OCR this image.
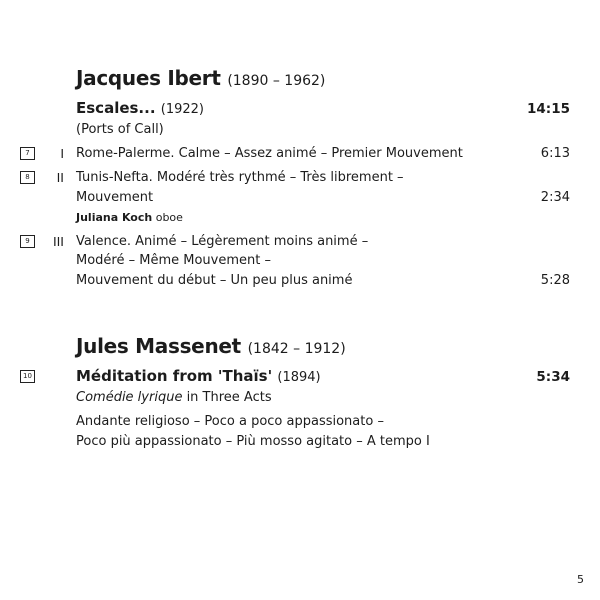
Jacques Ibert (1890 – 1962)
Escales... (1922)	14:15
(Ports of Call)
7	I Rome-Palerme. Calme – Assez animé – Premier Mouvement	6:13
8	II Tunis-Nefta. Modéré très rythmé – Très librement –
Mouvement	2:34
Juliana Koch oboe
9	III Valence. Animé – Légèrement moins animé –
Modéré – Même Mouvement –
Mouvement du début – Un peu plus animé	5:28
Jules Massenet (1842 – 1912)
10	Méditation from 'Thaïs' (1894)	5:34
Comédie lyrique in Three Acts
Andante religioso – Poco a poco appassionato –
Poco più appassionato – Più mosso agitato – A tempo I
5
